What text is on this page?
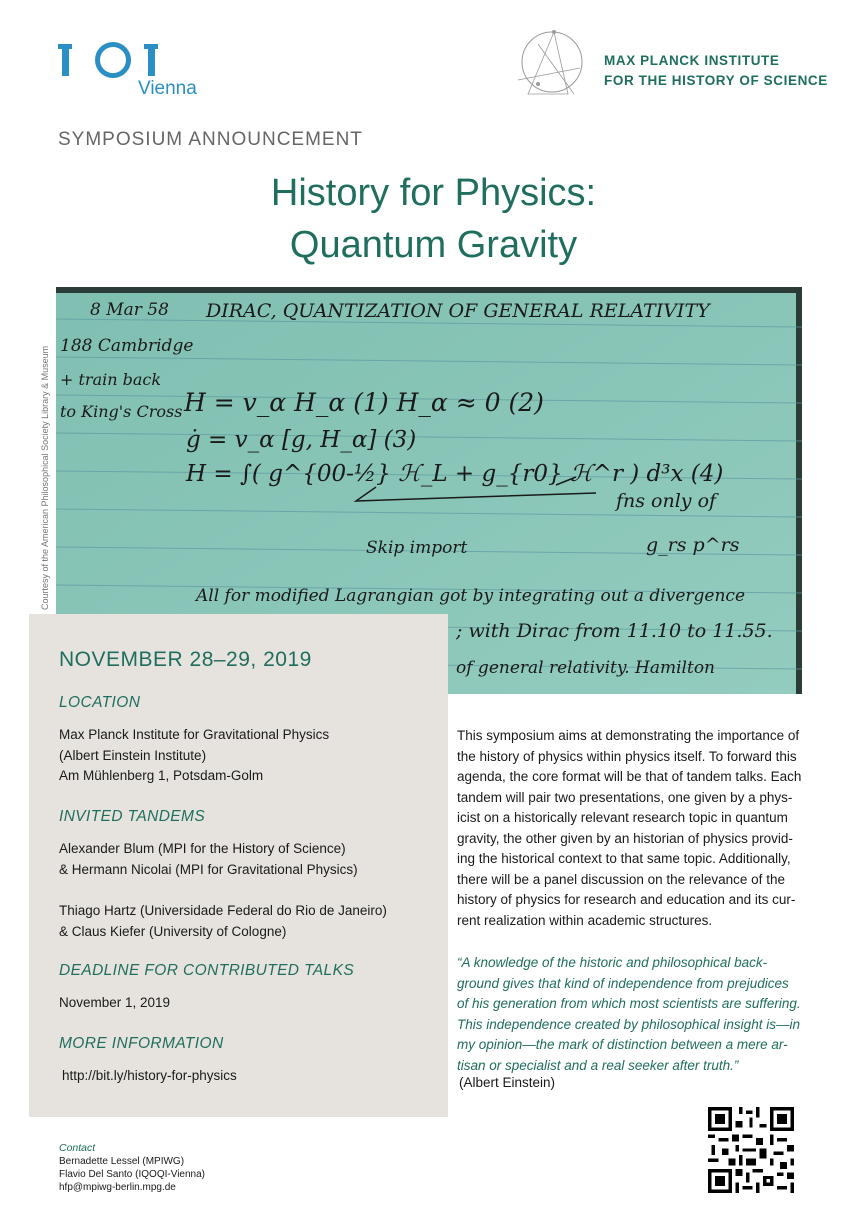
Vienna
MAX PLANCK INSTITUTE
FOR THE HISTORY OF SCIENCE
SYMPOSIUM ANNOUNCEMENT
History for Physics:
Quantum Gravity
8 Mar 58 DIRAC, QUANTIZATION OF GENERAL RELATIVITY
188 Cambridge
+ train back
to King's Cross H = v_α H_α (1) H_α ≈ 0 (2)
ġ = v_α [g, H_α] (3)
H = ∫( g^{00-½} ℋ_L + g_{r0} ℋ^r ) d³x (4)
fns only of
Skip import	g_rs p^rs
All for modified Lagrangian got by integrating out a divergence
; with Dirac from 11.10 to 11.55.
of general relativity. Hamilton
Courtesy of the American Philosophical Society Library & Museum
NOVEMBER 28–29, 2019
LOCATION
Max Planck Institute for Gravitational Physics
(Albert Einstein Institute)
Am Mühlenberg 1, Potsdam-Golm
INVITED TANDEMS
Alexander Blum (MPI for the History of Science)
& Hermann Nicolai (MPI for Gravitational Physics)
Thiago Hartz (Universidade Federal do Rio de Janeiro)
& Claus Kiefer (University of Cologne)
DEADLINE FOR CONTRIBUTED TALKS
November 1, 2019
MORE INFORMATION
http://bit.ly/history-for-physics
This symposium aims at demonstrating the importance of
the history of physics within physics itself. To forward this
agenda, the core format will be that of tandem talks. Each
tandem will pair two presentations, one given by a phys-
icist on a historically relevant research topic in quantum
gravity, the other given by an historian of physics provid-
ing the historical context to that same topic. Additionally,
there will be a panel discussion on the relevance of the
history of physics for research and education and its cur-
rent realization within academic structures.
“A knowledge of the historic and philosophical back-
ground gives that kind of independence from prejudices
of his generation from which most scientists are suffering.
This independence created by philosophical insight is—in
my opinion—the mark of distinction between a mere ar-
tisan or specialist and a real seeker after truth.”
(Albert Einstein)
Contact
Bernadette Lessel (MPIWG)
Flavio Del Santo (IQOQI-Vienna)
hfp@mpiwg-berlin.mpg.de
